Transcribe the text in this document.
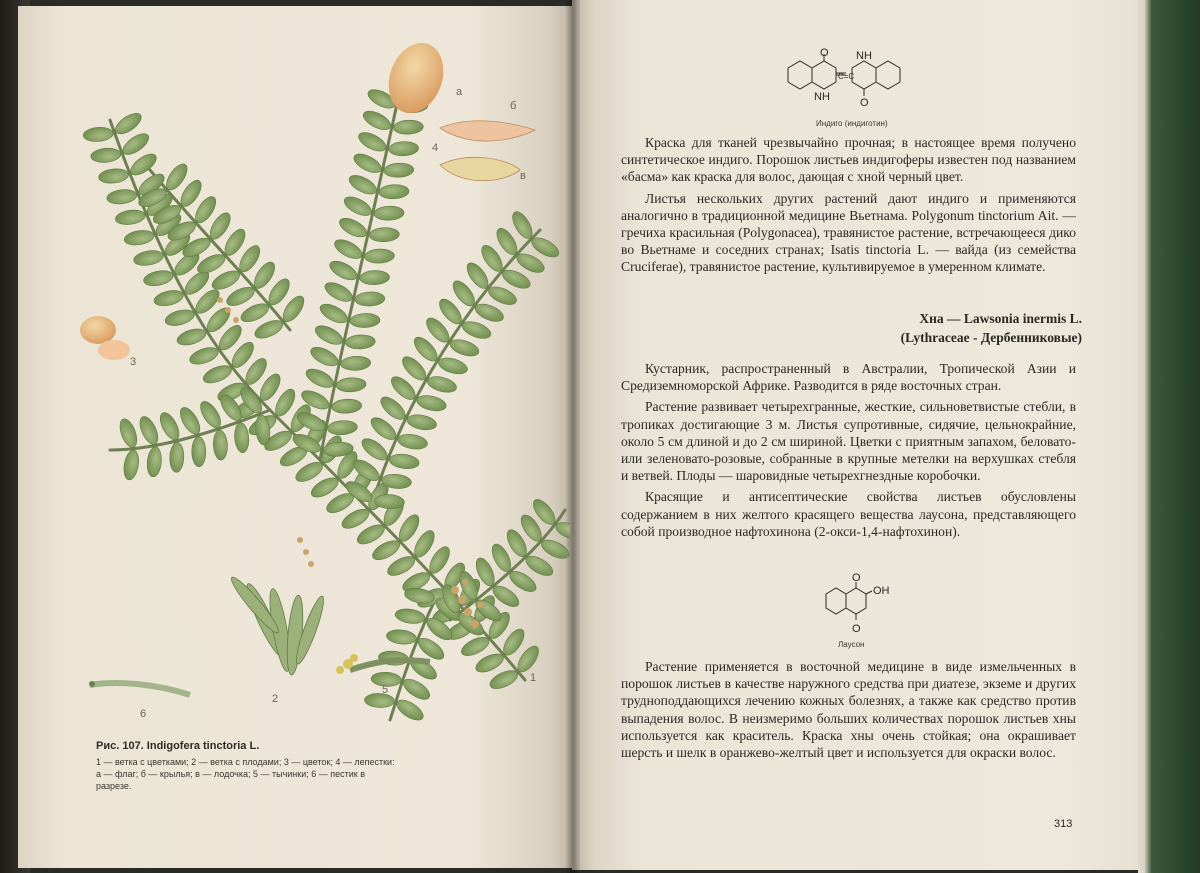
а
б
4
в
3
2
5
1
6
Рис. 107. Indigofera tinctoria L.
1 — ветка с цветками; 2 — ветка с плодами; 3 — цветок; 4 — лепестки: а — флаг; б — крылья; в — лодочка; 5 — тычинки; 6 — пестик в разрезе.
O NH
NH
C=C
O
Индиго (индиготин)

Краска для тканей чрезвычайно прочная; в настоящее время получено синтетическое индиго. Порошок листьев индигоферы известен под названием «басма» как краска для волос, дающая с хной черный цвет.

Листья нескольких других растений дают индиго и применяются аналогично в традиционной медицине Вьетнама. Polygonum tinctorium Ait. — гречиха красильная (Polygonacea), травянистое растение, встречающееся дико во Вьетнаме и соседних странах; Isatis tinctoria L. — вайда (из семейства Cruciferae), травянистое растение, культивируемое в умеренном климате.

Хна — Lawsonia inermis L.
(Lythraceae - Дербенниковые)

Кустарник, распространенный в Австралии, Тропической Азии и Средиземноморской Африке. Разводится в ряде восточных стран.

Растение развивает четырехгранные, жесткие, сильноветвистые стебли, в тропиках достигающие 3 м. Листья супротивные, сидячие, цельнокрайние, около 5 см длиной и до 2 см шириной. Цветки с приятным запахом, беловато- или зеленовато-розовые, собранные в крупные метелки на верхушках стебля и ветвей. Плоды — шаровидные четырехгнездные коробочки.

Красящие и антисептические свойства листьев обусловлены содержанием в них желтого красящего вещества лаусона, представляющего собой производное нафтохинона (2-окси-1,4-нафтохинон).

O
OH
O
Лаусон

Растение применяется в восточной медицине в виде измельченных в порошок листьев в качестве наружного средства при диатезе, экземе и других трудноподдающихся лечению кожных болезнях, а также как средство против выпадения волос. В неизмеримо больших количествах порошок листьев хны используется как краситель. Краска хны очень стойкая; она окрашивает шерсть и шелк в оранжево-желтый цвет и используется для окраски волос.

313
